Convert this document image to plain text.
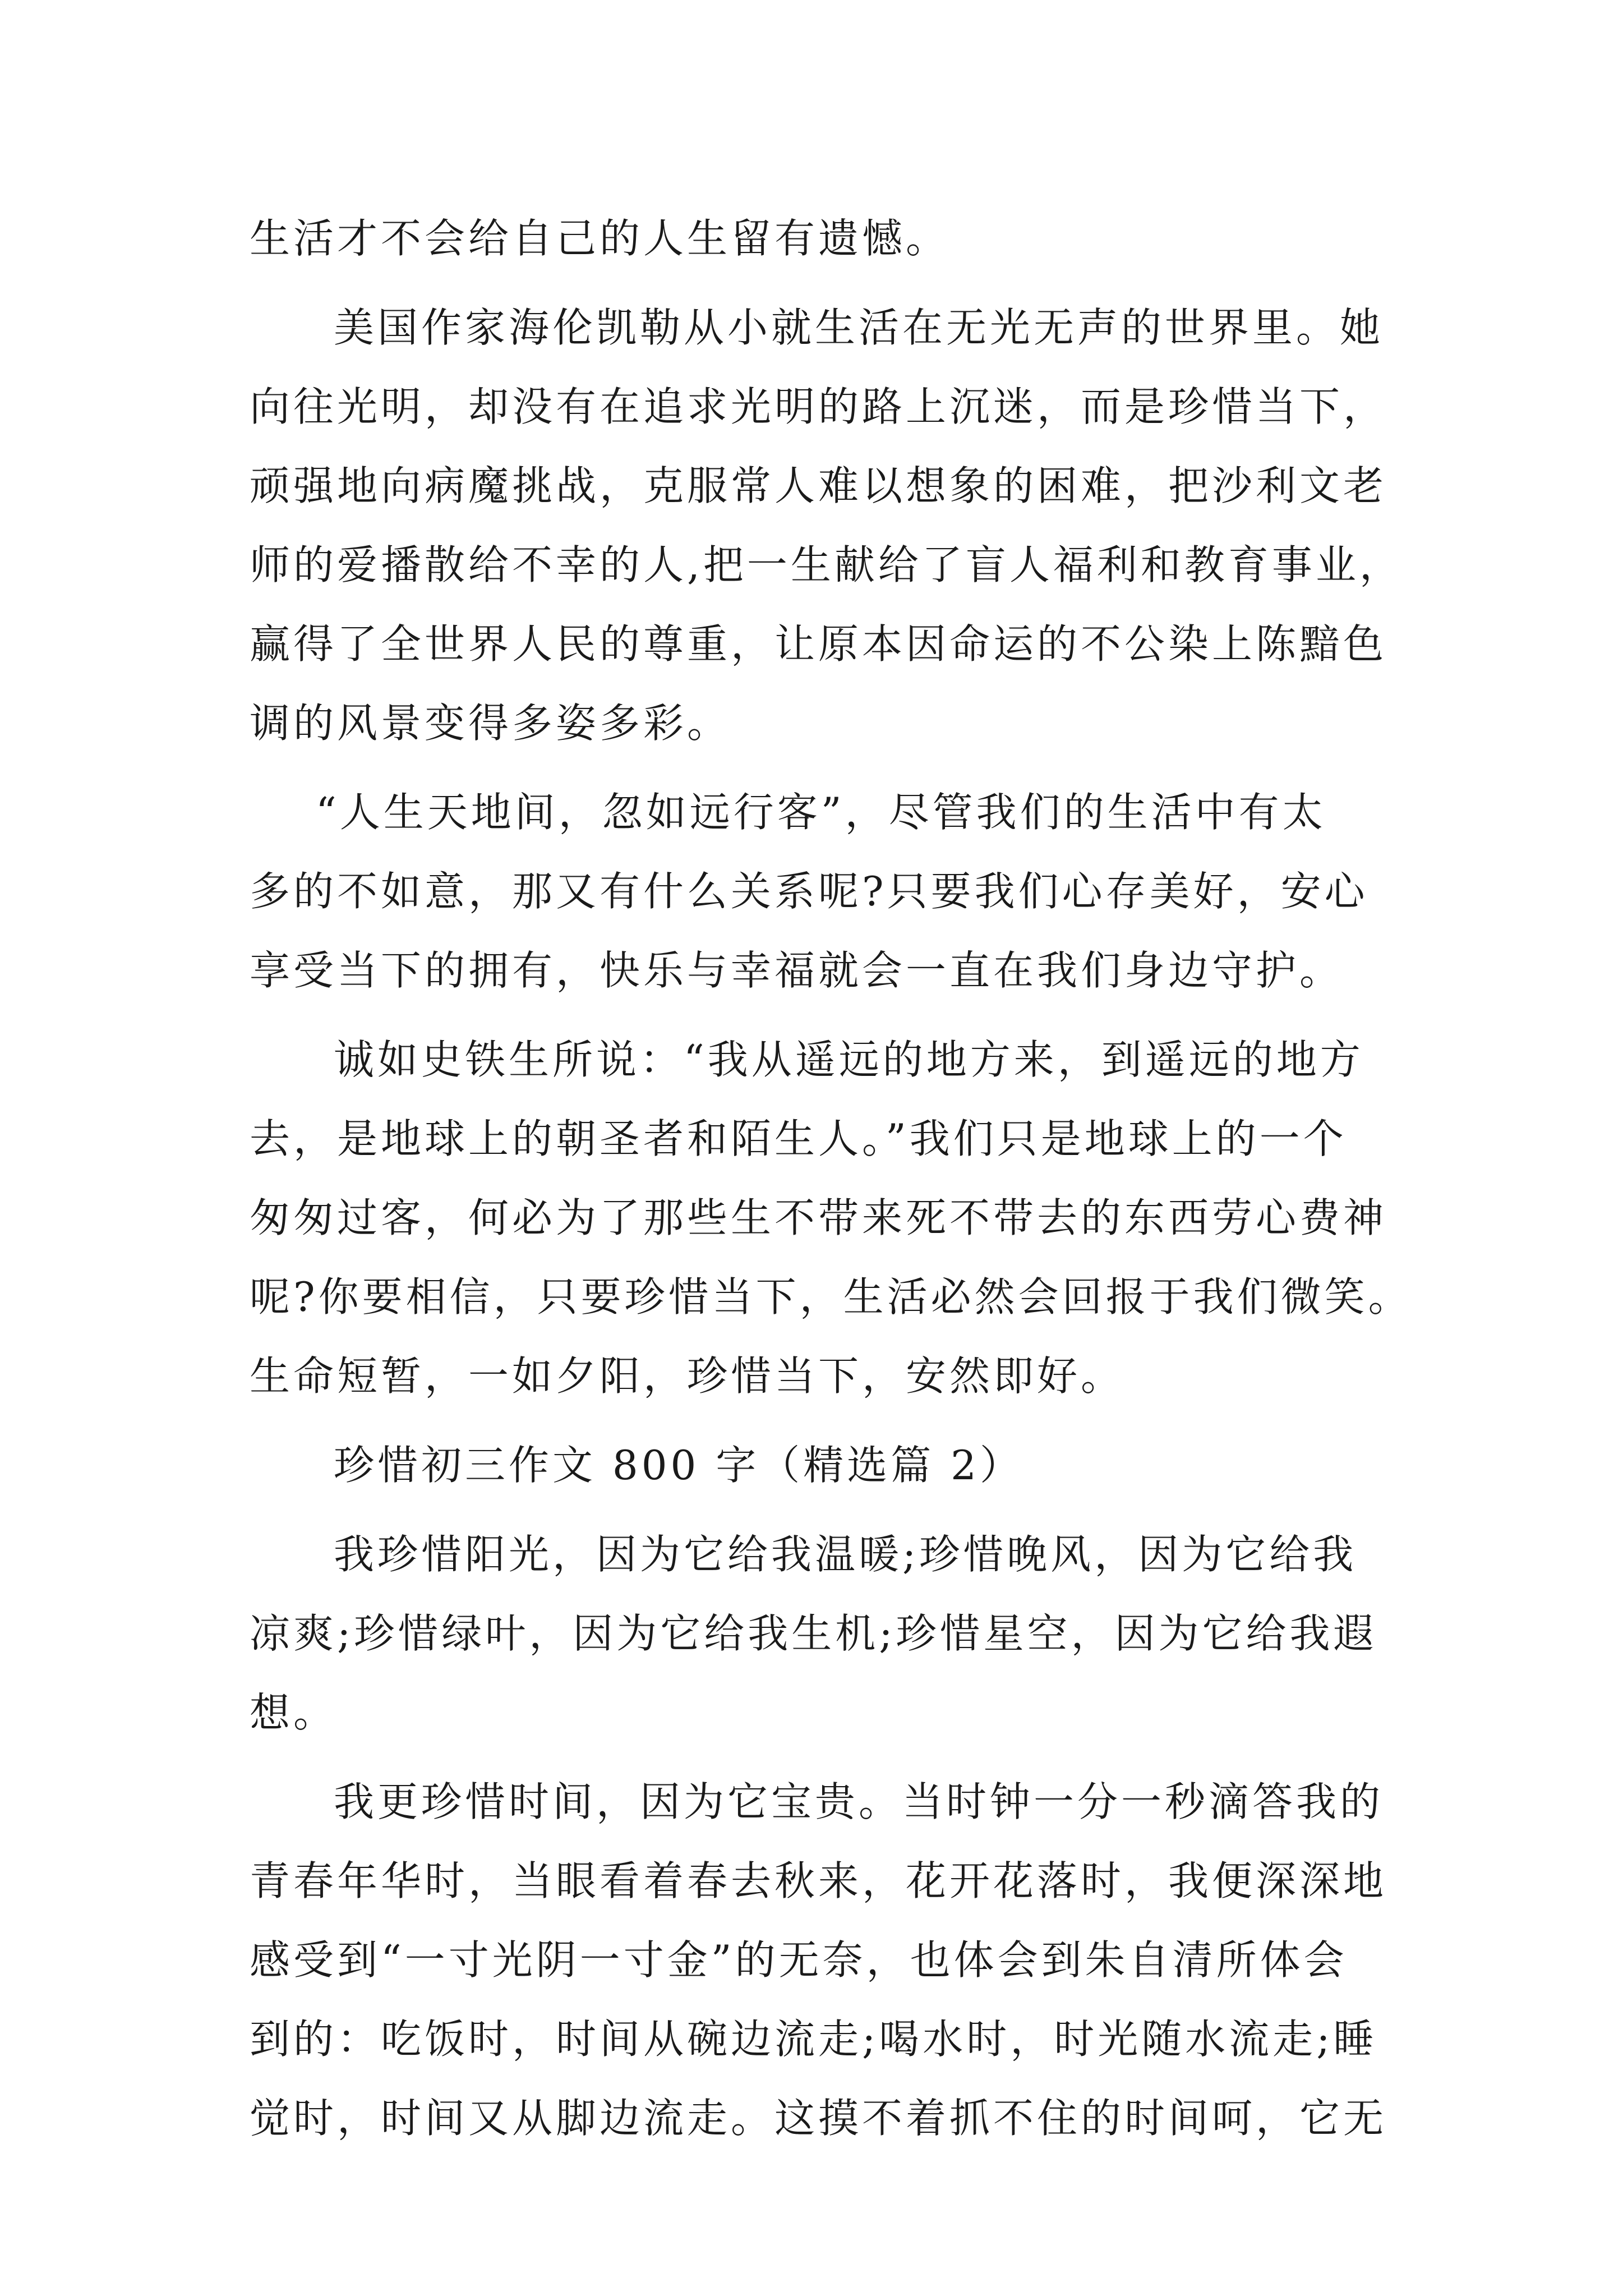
生活才不会给自己的人生留有遗憾。
美国作家海伦凯勒从小就生活在无光无声的世界里。她
向往光明，却没有在追求光明的路上沉迷，而是珍惜当下，
顽强地向病魔挑战，克服常人难以想象的困难，把沙利文老
师的爱播散给不幸的人,把一生献给了盲人福利和教育事业，
赢得了全世界人民的尊重，让原本因命运的不公染上陈黯色
调的风景变得多姿多彩。
“人生天地间，忽如远行客”，尽管我们的生活中有太
多的不如意，那又有什么关系呢?只要我们心存美好，安心
享受当下的拥有，快乐与幸福就会一直在我们身边守护。
诚如史铁生所说：“我从遥远的地方来，到遥远的地方
去，是地球上的朝圣者和陌生人。”我们只是地球上的一个
匆匆过客，何必为了那些生不带来死不带去的东西劳心费神
呢?你要相信，只要珍惜当下，生活必然会回报于我们微笑。
生命短暂，一如夕阳，珍惜当下，安然即好。
珍惜初三作文 800 字（精选篇 2）
我珍惜阳光，因为它给我温暖;珍惜晚风，因为它给我
凉爽;珍惜绿叶，因为它给我生机;珍惜星空，因为它给我遐
想。
我更珍惜时间，因为它宝贵。当时钟一分一秒滴答我的
青春年华时，当眼看着春去秋来，花开花落时，我便深深地
感受到“一寸光阴一寸金”的无奈，也体会到朱自清所体会
到的：吃饭时，时间从碗边流走;喝水时，时光随水流走;睡
觉时，时间又从脚边流走。这摸不着抓不住的时间呵，它无
